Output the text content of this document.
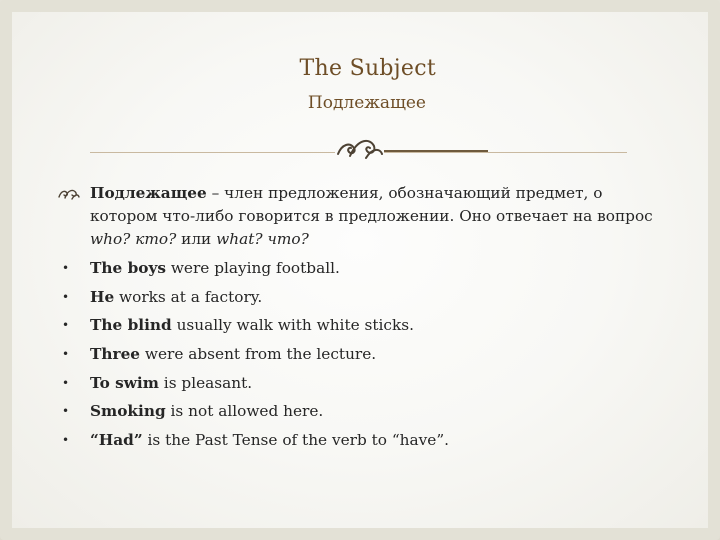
The Subject
Подлежащее
Подлежащее – член предложения, обозначающий предмет, о котором что-либо говорится в предложении. Оно отвечает на вопрос who? кто? или what? что?
• The boys were playing football.
• He works at a factory.
• The blind usually walk with white sticks.
• Three were absent from the lecture.
• To swim is pleasant.
• Smoking is not allowed here.
• “Had” is the Past Tense of the verb to “have”.
